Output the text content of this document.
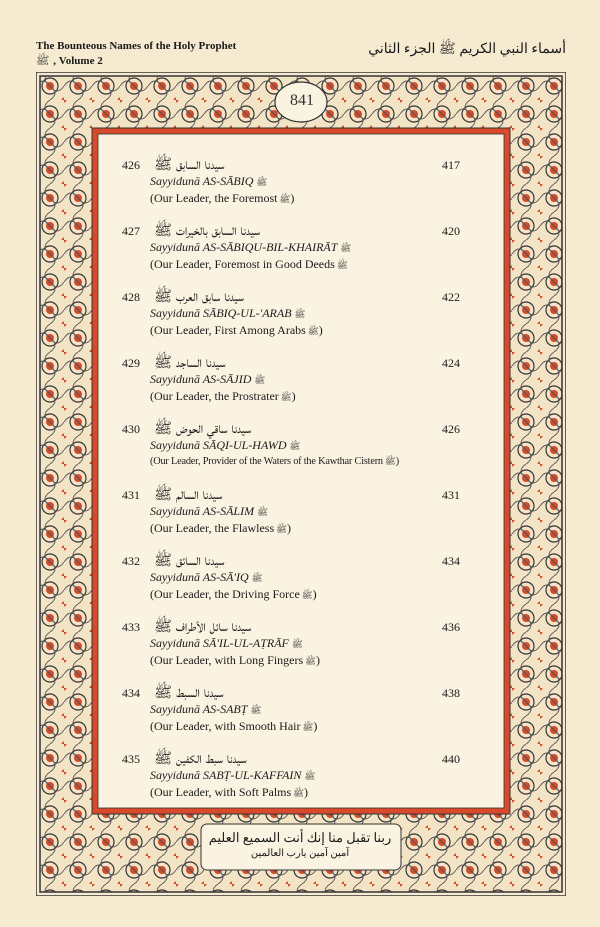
The Bounteous Names of the Holy Prophet
ﷺ , Volume 2
أسماء النبي الكريم ﷺ الجزء الثاني
841
426 سيدنا السابق ﷺ
Sayyidunā AS-SĀBIQ ﷺ
(Our Leader, the Foremost ﷺ)
417
427 سيدنا السابق بالخيرات ﷺ
Sayyidunā AS-SĀBIQU-BIL-KHAIRĀT ﷺ
(Our Leader, Foremost in Good Deeds ﷺ
420
428 سيدنا سابق العرب ﷺ
Sayyidunā SĀBIQ-UL-'ARAB ﷺ
(Our Leader, First Among Arabs ﷺ)
422
429 سيدنا الساجد ﷺ
Sayyidunā AS-SĀJID ﷺ
(Our Leader, the Prostrater ﷺ)
424
430 سيدنا ساقي الحوض ﷺ
Sayyidunā SĀQI-UL-HAWD ﷺ
(Our Leader, Provider of the Waters of the Kawthar Cistern ﷺ)
426
431 سيدنا السالم ﷺ
Sayyidunā AS-SĀLIM ﷺ
(Our Leader, the Flawless ﷺ)
431
432 سيدنا السائق ﷺ
Sayyidunā AS-SĀ'IQ ﷺ
(Our Leader, the Driving Force ﷺ)
434
433 سيدنا سائل الأطراف ﷺ
Sayyidunā SĀ'IL-UL-AṬRĀF ﷺ
(Our Leader, with Long Fingers ﷺ)
436
434 سيدنا السبط ﷺ
Sayyidunā AS-SABṬ ﷺ
(Our Leader, with Smooth Hair ﷺ)
438
435 سيدنا سبط الكفين ﷺ
Sayyidunā SABṬ-UL-KAFFAIN ﷺ
(Our Leader, with Soft Palms ﷺ)
440
ربنا تقبل منا إنك أنت السميع العليم
آمين آمين يارب العالمين
